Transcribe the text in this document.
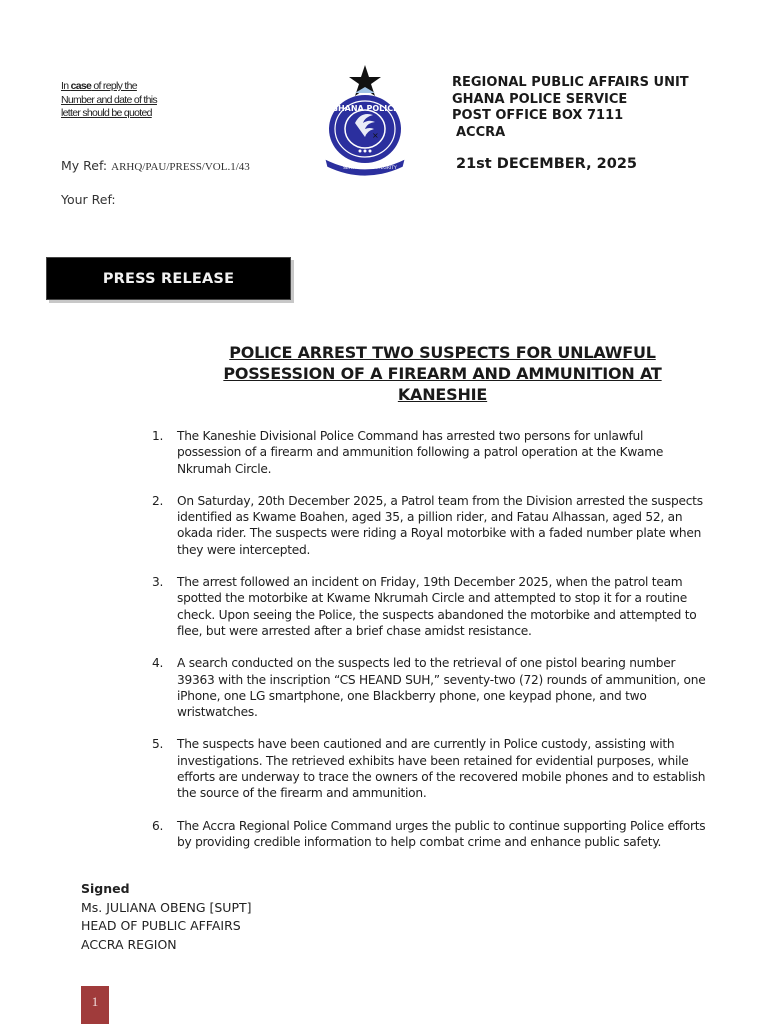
In case of reply the
Number and date of this
letter should be quoted
My Ref: ARHQ/PAU/PRESS/VOL.1/43
Your Ref:
×
GHANA POLICE
SERVICE INTEGRITY
REGIONAL PUBLIC AFFAIRS UNIT
GHANA POLICE SERVICE
POST OFFICE BOX 7111
ACCRA
21st DECEMBER, 2025
PRESS RELEASE
POLICE ARREST TWO SUSPECTS FOR UNLAWFUL POSSESSION OF A FIREARM AND AMMUNITION AT KANESHIE
1. The Kaneshie Divisional Police Command has arrested two persons for unlawful possession of a firearm and ammunition following a patrol operation at the Kwame Nkrumah Circle.
2. On Saturday, 20th December 2025, a Patrol team from the Division arrested the suspects identified as Kwame Boahen, aged 35, a pillion rider, and Fatau Alhassan, aged 52, an okada rider. The suspects were riding a Royal motorbike with a faded number plate when they were intercepted.
3. The arrest followed an incident on Friday, 19th December 2025, when the patrol team spotted the motorbike at Kwame Nkrumah Circle and attempted to stop it for a routine check. Upon seeing the Police, the suspects abandoned the motorbike and attempted to flee, but were arrested after a brief chase amidst resistance.
4. A search conducted on the suspects led to the retrieval of one pistol bearing number 39363 with the inscription “CS HEAND SUH,” seventy-two (72) rounds of ammunition, one iPhone, one LG smartphone, one Blackberry phone, one keypad phone, and two wristwatches.
5. The suspects have been cautioned and are currently in Police custody, assisting with investigations. The retrieved exhibits have been retained for evidential purposes, while efforts are underway to trace the owners of the recovered mobile phones and to establish the source of the firearm and ammunition.
6. The Accra Regional Police Command urges the public to continue supporting Police efforts by providing credible information to help combat crime and enhance public safety.
Signed
Ms. JULIANA OBENG [SUPT]
HEAD OF PUBLIC AFFAIRS
ACCRA REGION
1
